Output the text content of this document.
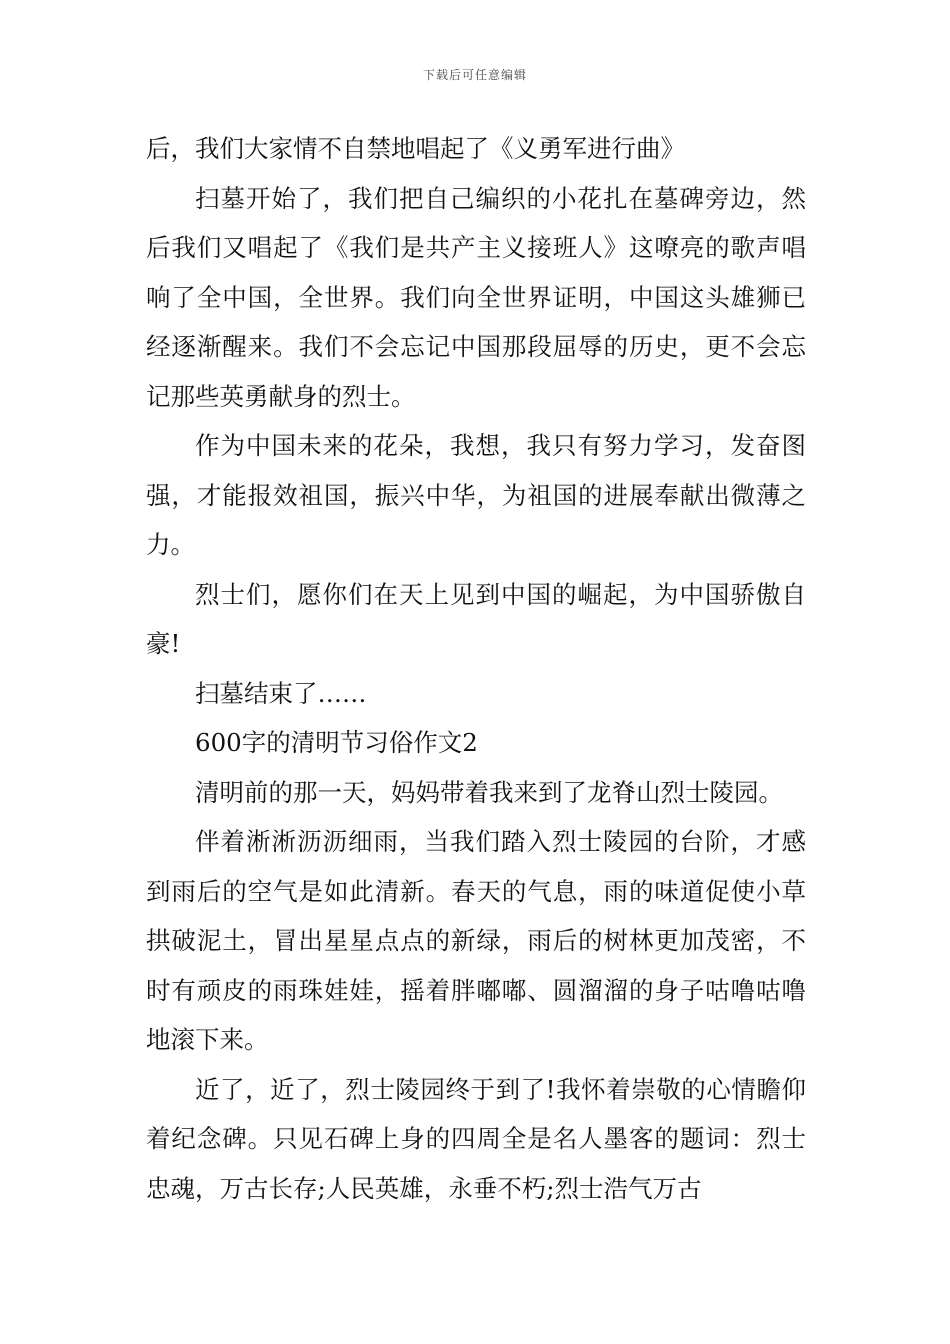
下载后可任意编辑

后，我们大家情不自禁地唱起了《义勇军进行曲》

扫墓开始了，我们把自己编织的小花扎在墓碑旁边，然后我们又唱起了《我们是共产主义接班人》这嘹亮的歌声唱响了全中国，全世界。我们向全世界证明，中国这头雄狮已经逐渐醒来。我们不会忘记中国那段屈辱的历史，更不会忘记那些英勇献身的烈士。

作为中国未来的花朵，我想，我只有努力学习，发奋图强，才能报效祖国，振兴中华，为祖国的进展奉献出微薄之力。

烈士们，愿你们在天上见到中国的崛起，为中国骄傲自豪!

扫墓结束了……

600字的清明节习俗作文2

清明前的那一天，妈妈带着我来到了龙脊山烈士陵园。

伴着淅淅沥沥细雨，当我们踏入烈士陵园的台阶，才感到雨后的空气是如此清新。春天的气息，雨的味道促使小草拱破泥土，冒出星星点点的新绿，雨后的树林更加茂密，不时有顽皮的雨珠娃娃，摇着胖嘟嘟、圆溜溜的身子咕噜咕噜地滚下来。

近了，近了，烈士陵园终于到了!我怀着崇敬的心情瞻仰着纪念碑。只见石碑上身的四周全是名人墨客的题词：烈士忠魂，万古长存;人民英雄，永垂不朽;烈士浩气万古
